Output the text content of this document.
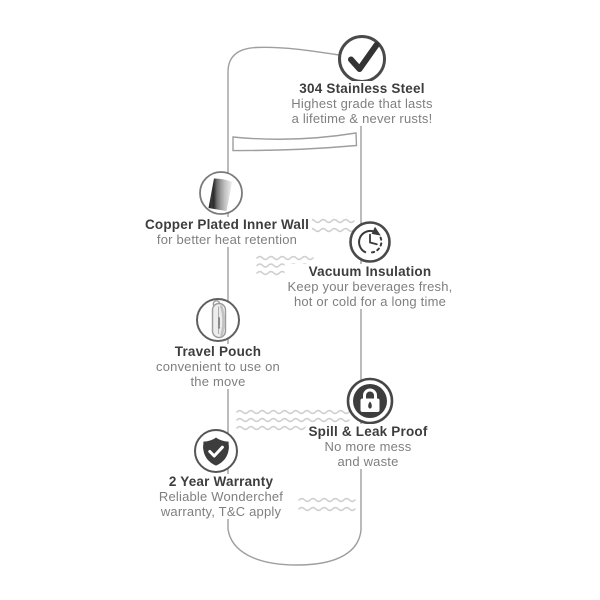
304 Stainless Steel
Highest grade that lasts
a lifetime & never rusts!
Copper Plated Inner Wall
for better heat retention
Vacuum Insulation
Keep your beverages fresh,
hot or cold for a long time
Travel Pouch
convenient to use on
the move
Spill & Leak Proof
No more mess
and waste
2 Year Warranty
Reliable Wonderchef
warranty, T&C apply
